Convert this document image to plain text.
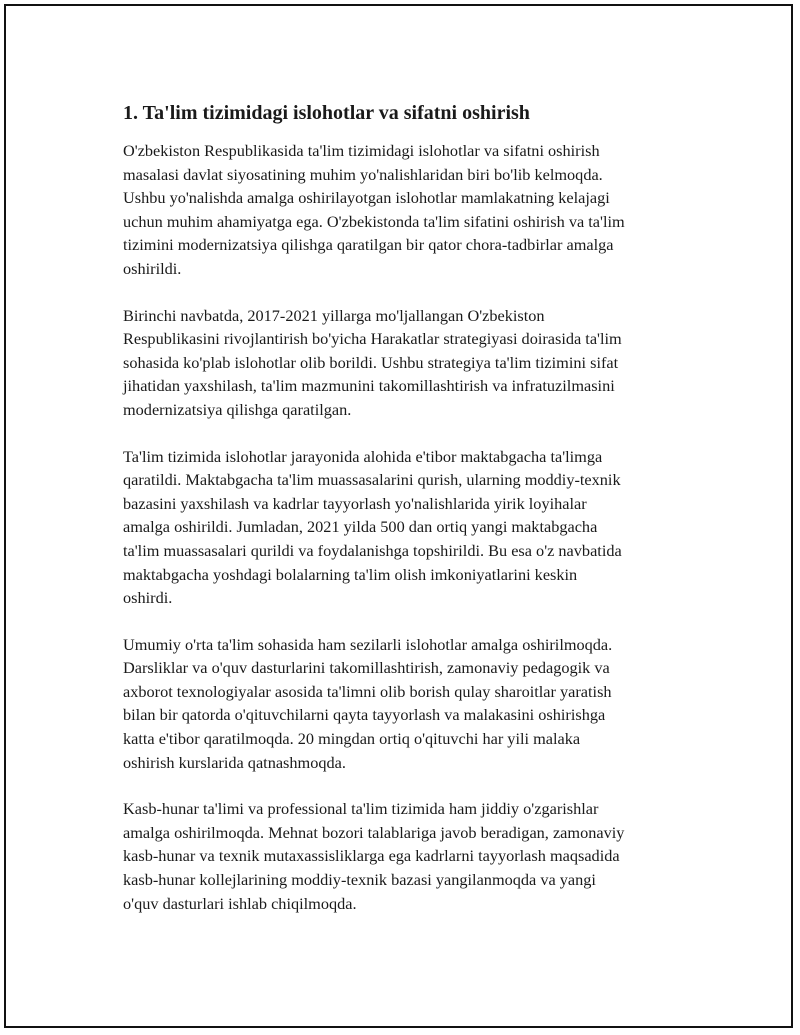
1. Ta'lim tizimidagi islohotlar va sifatni oshirish

O'zbekiston Respublikasida ta'lim tizimidagi islohotlar va sifatni oshirish
masalasi davlat siyosatining muhim yo'nalishlaridan biri bo'lib kelmoqda.
Ushbu yo'nalishda amalga oshirilayotgan islohotlar mamlakatning kelajagi
uchun muhim ahamiyatga ega. O'zbekistonda ta'lim sifatini oshirish va ta'lim
tizimini modernizatsiya qilishga qaratilgan bir qator chora-tadbirlar amalga
oshirildi.

Birinchi navbatda, 2017-2021 yillarga mo'ljallangan O'zbekiston
Respublikasini rivojlantirish bo'yicha Harakatlar strategiyasi doirasida ta'lim
sohasida ko'plab islohotlar olib borildi. Ushbu strategiya ta'lim tizimini sifat
jihatidan yaxshilash, ta'lim mazmunini takomillashtirish va infratuzilmasini
modernizatsiya qilishga qaratilgan.

Ta'lim tizimida islohotlar jarayonida alohida e'tibor maktabgacha ta'limga
qaratildi. Maktabgacha ta'lim muassasalarini qurish, ularning moddiy-texnik
bazasini yaxshilash va kadrlar tayyorlash yo'nalishlarida yirik loyihalar
amalga oshirildi. Jumladan, 2021 yilda 500 dan ortiq yangi maktabgacha
ta'lim muassasalari qurildi va foydalanishga topshirildi. Bu esa o'z navbatida
maktabgacha yoshdagi bolalarning ta'lim olish imkoniyatlarini keskin
oshirdi.

Umumiy o'rta ta'lim sohasida ham sezilarli islohotlar amalga oshirilmoqda.
Darsliklar va o'quv dasturlarini takomillashtirish, zamonaviy pedagogik va
axborot texnologiyalar asosida ta'limni olib borish qulay sharoitlar yaratish
bilan bir qatorda o'qituvchilarni qayta tayyorlash va malakasini oshirishga
katta e'tibor qaratilmoqda. 20 mingdan ortiq o'qituvchi har yili malaka
oshirish kurslarida qatnashmoqda.

Kasb-hunar ta'limi va professional ta'lim tizimida ham jiddiy o'zgarishlar
amalga oshirilmoqda. Mehnat bozori talablariga javob beradigan, zamonaviy
kasb-hunar va texnik mutaxassisliklarga ega kadrlarni tayyorlash maqsadida
kasb-hunar kollejlarining moddiy-texnik bazasi yangilanmoqda va yangi
o'quv dasturlari ishlab chiqilmoqda.
